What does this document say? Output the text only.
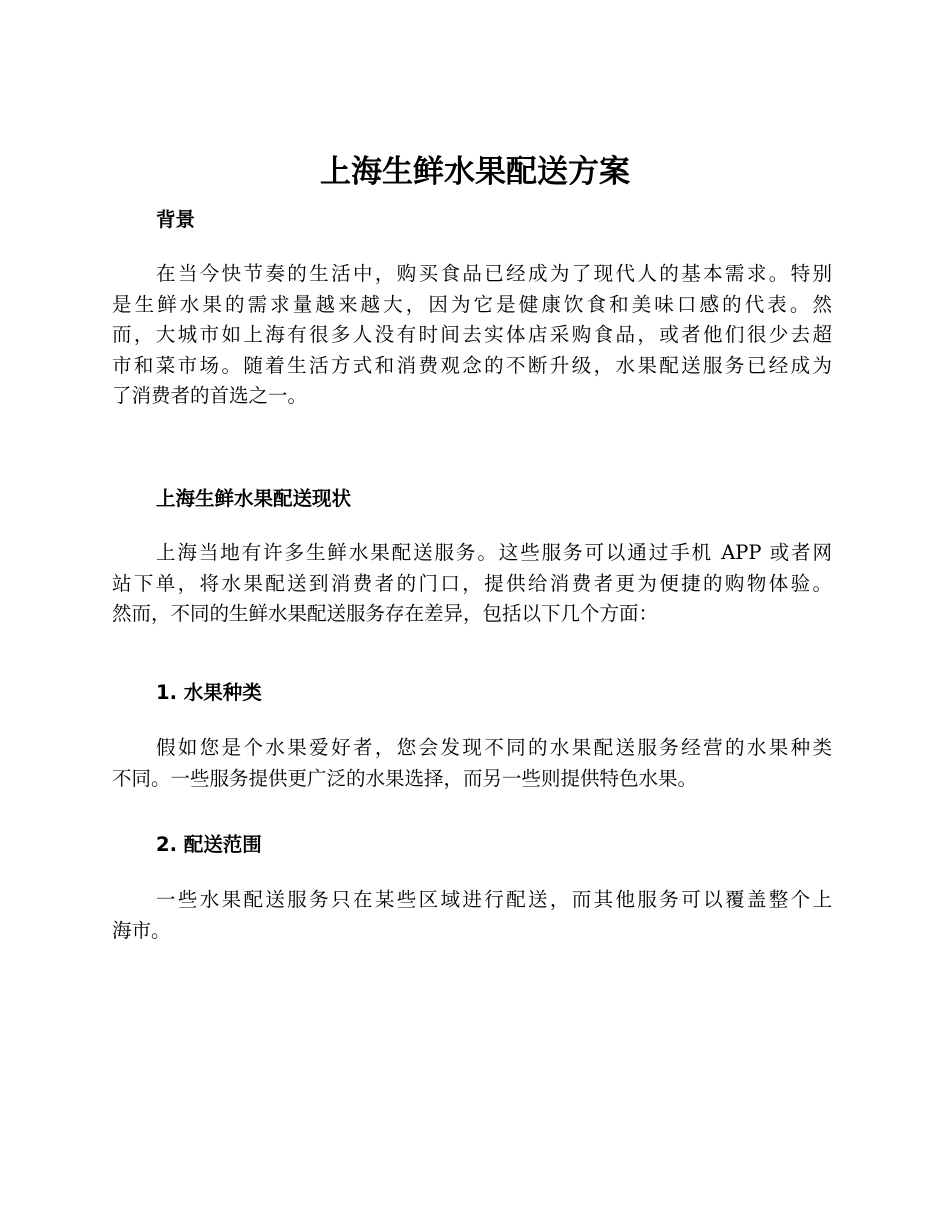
上海生鲜水果配送方案
背景
在当今快节奏的生活中，购买食品已经成为了现代人的基本需求。特别
是生鲜水果的需求量越来越大，因为它是健康饮食和美味口感的代表。然
而，大城市如上海有很多人没有时间去实体店采购食品，或者他们很少去超
市和菜市场。随着生活方式和消费观念的不断升级，水果配送服务已经成为
了消费者的首选之一。
上海生鲜水果配送现状
上海当地有许多生鲜水果配送服务。这些服务可以通过手机 APP 或者网
站下单，将水果配送到消费者的门口，提供给消费者更为便捷的购物体验。
然而，不同的生鲜水果配送服务存在差异，包括以下几个方面：
1. 水果种类
假如您是个水果爱好者，您会发现不同的水果配送服务经营的水果种类
不同。一些服务提供更广泛的水果选择，而另一些则提供特色水果。
2. 配送范围
一些水果配送服务只在某些区域进行配送，而其他服务可以覆盖整个上
海市。
